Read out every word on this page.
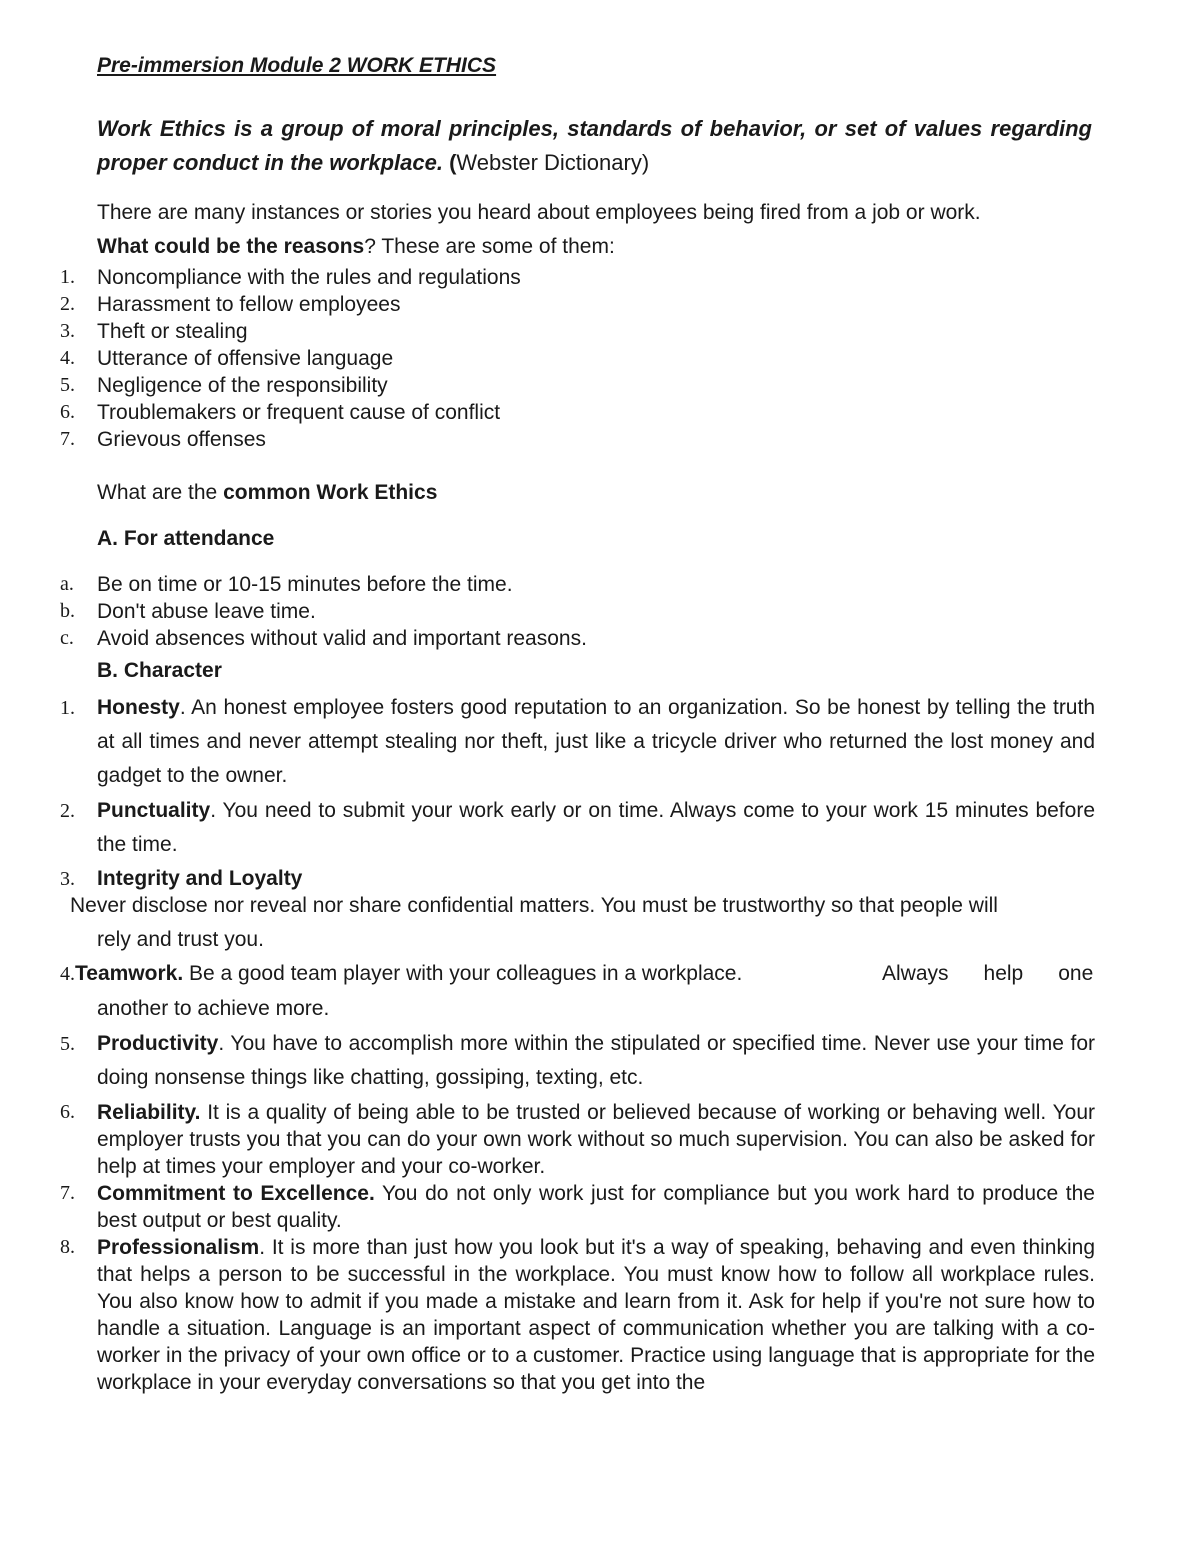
Pre-immersion Module 2 WORK ETHICS
Work Ethics is a group of moral principles, standards of behavior, or set of values regarding proper conduct in the workplace. (Webster Dictionary)
There are many instances or stories you heard about employees being fired from a job or work.
What could be the reasons? These are some of them:
1.	Noncompliance with the rules and regulations
2.	Harassment to fellow employees
3.	Theft or stealing
4.	Utterance of offensive language
5.	Negligence of the responsibility
6.	Troublemakers or frequent cause of conflict
7.	Grievous offenses
What are the common Work Ethics
A. For attendance
a.	Be on time or 10-15 minutes before the time.
b.	Don't abuse leave time.
c.	Avoid absences without valid and important reasons.
B. Character
1.	Honesty. An honest employee fosters good reputation to an organization. So be honest by telling the truth at all times and never attempt stealing nor theft, just like a tricycle driver who returned the lost money and gadget to the owner.
2.	Punctuality. You need to submit your work early or on time. Always come to your work 15 minutes before the time.
3.	Integrity and Loyalty
Never disclose nor reveal nor share confidential matters. You must be trustworthy so that people will
rely and trust you.
4.Teamwork. Be a good team player with your colleagues in a workplace.	Always      help      one
another to achieve more.
5.	Productivity. You have to accomplish more within the stipulated or specified time. Never use your time for doing nonsense things like chatting, gossiping, texting, etc.
6.	Reliability. It is a quality of being able to be trusted or believed because of working or behaving well. Your employer trusts you that you can do your own work without so much supervision. You can also be asked for help at times your employer and your co-worker.
7.	Commitment to Excellence. You do not only work just for compliance but you work hard to produce the best output or best quality.
8.	Professionalism. It is more than just how you look but it's a way of speaking, behaving and even thinking that helps a person to be successful in the workplace. You must know how to follow all workplace rules. You also know how to admit if you made a mistake and learn from it. Ask for help if you're not sure how to handle a situation. Language is an important aspect of communication whether you are talking with a co-worker in the privacy of your own office or to a customer. Practice using language that is appropriate for the workplace in your everyday conversations so that you get into the
